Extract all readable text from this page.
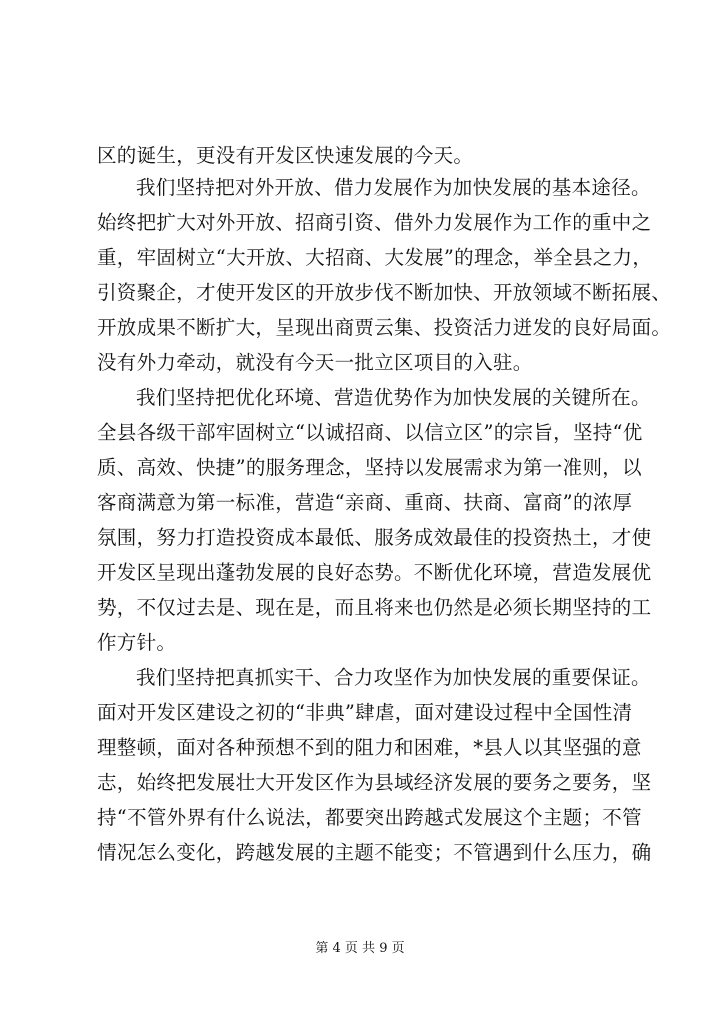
区的诞生，更没有开发区快速发展的今天。
我们坚持把对外开放、借力发展作为加快发展的基本途径。
始终把扩大对外开放、招商引资、借外力发展作为工作的重中之
重，牢固树立“大开放、大招商、大发展”的理念，举全县之力，
引资聚企，才使开发区的开放步伐不断加快、开放领域不断拓展、
开放成果不断扩大，呈现出商贾云集、投资活力迸发的良好局面。
没有外力牵动，就没有今天一批立区项目的入驻。
我们坚持把优化环境、营造优势作为加快发展的关键所在。
全县各级干部牢固树立“以诚招商、以信立区”的宗旨，坚持“优
质、高效、快捷”的服务理念，坚持以发展需求为第一准则，以
客商满意为第一标准，营造“亲商、重商、扶商、富商”的浓厚
氛围，努力打造投资成本最低、服务成效最佳的投资热土，才使
开发区呈现出蓬勃发展的良好态势。不断优化环境，营造发展优
势，不仅过去是、现在是，而且将来也仍然是必须长期坚持的工
作方针。
我们坚持把真抓实干、合力攻坚作为加快发展的重要保证。
面对开发区建设之初的“非典”肆虐，面对建设过程中全国性清
理整顿，面对各种预想不到的阻力和困难，*县人以其坚强的意
志，始终把发展壮大开发区作为县域经济发展的要务之要务，坚
持“不管外界有什么说法，都要突出跨越式发展这个主题；不管
情况怎么变化，跨越发展的主题不能变；不管遇到什么压力，确
第 4 页 共 9 页
